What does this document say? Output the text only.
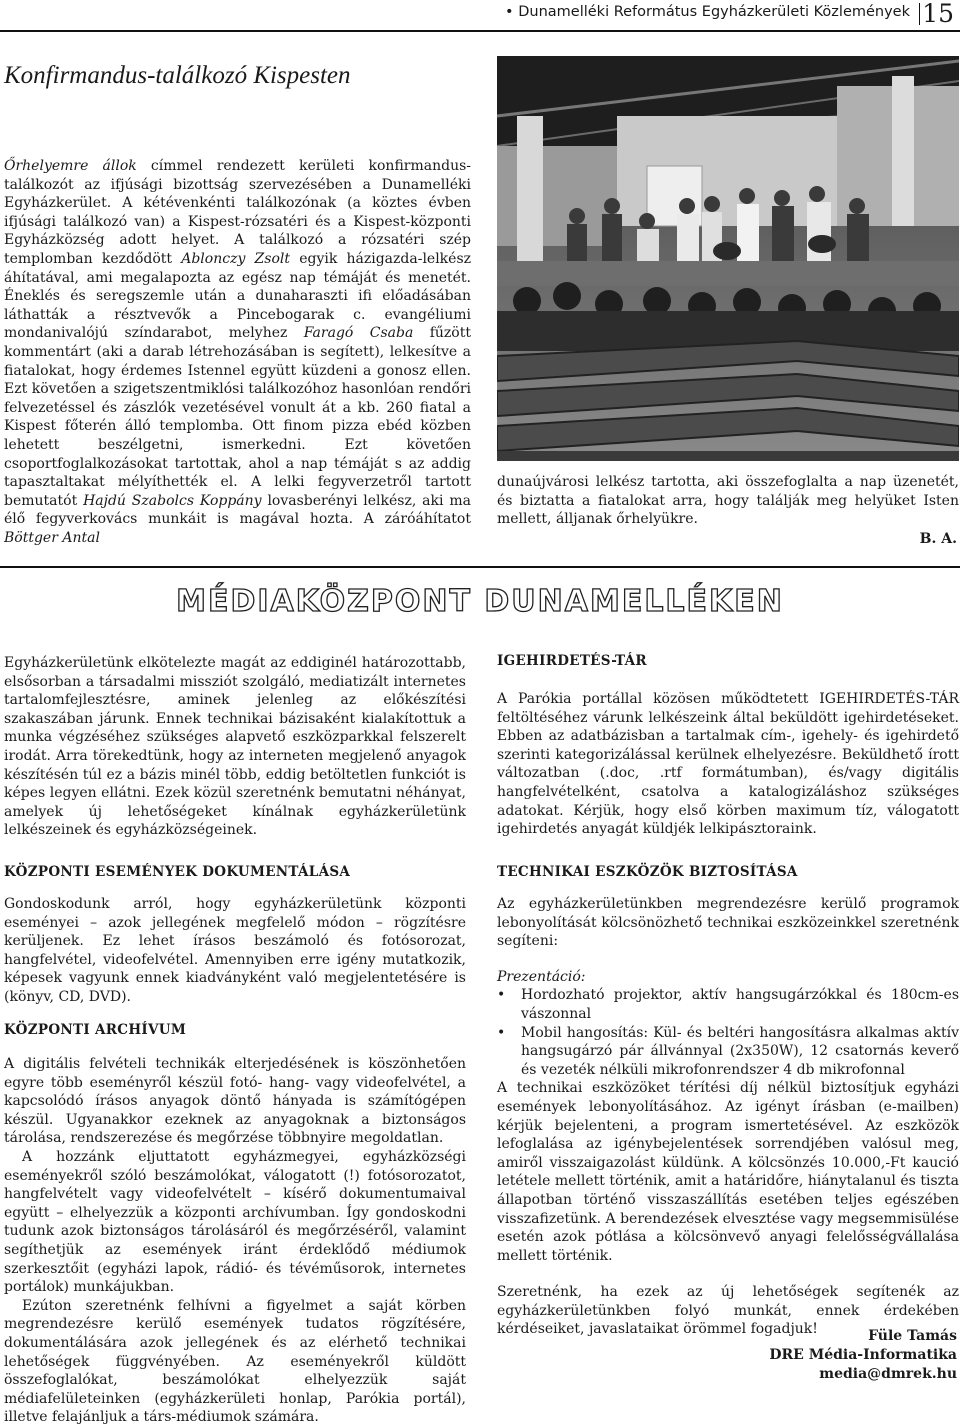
• Dunamelléki Református Egyházkerületi Közlemények 15
Konfirmandus-találkozó Kispesten

Őrhelyemre állok címmel rendezett kerületi konfirmandus-találkozót az ifjúsági bizottság szervezésében a Dunamelléki Egyházkerület. A kétévenkénti találkozónak (a köztes évben ifjúsági találkozó van) a Kispest-rózsatéri és a Kispest-központi Egyházközség adott helyet. A találkozó a rózsatéri szép templomban kezdődött Ablonczy Zsolt egyik házigazda-lelkész áhítatával, ami megalapozta az egész nap témáját és menetét. Éneklés és seregszemle után a dunaharaszti ifi előadásában láthatták a résztvevők a Pincebogarak c. evangéliumi mondanivalójú színdarabot, melyhez Faragó Csaba fűzött kommentárt (aki a darab létrehozásában is segített), lelkesítve a fiatalokat, hogy érdemes Istennel együtt küzdeni a gonosz ellen. Ezt követően a szigetszentmiklósi találkozóhoz hasonlóan rendőri felvezetéssel és zászlók vezetésével vonult át a kb. 260 fiatal a Kispest főterén álló templomba. Ott finom pizza ebéd közben lehetett beszélgetni, ismerkedni. Ezt követően csoportfoglalkozásokat tartottak, ahol a nap témáját s az addig tapasztaltakat mélyíthették el. A lelki fegyverzetről tartott bemutatót Hajdú Szabolcs Koppány lovasberényi lelkész, aki ma élő fegyverkovács munkáit is magával hozta. A záróáhítatot Böttger Antal

dunaújvárosi lelkész tartotta, aki összefoglalta a nap üzenetét, és biztatta a fiatalokat arra, hogy találják meg helyüket Isten mellett, álljanak őrhelyükre.

B. A.
MÉDIAKÖZPONT DUNAMELLÉKEN

Egyházkerületünk elkötelezte magát az eddiginél határozottabb, elsősorban a társadalmi missziót szolgáló, mediatizált internetes tartalomfejlesztésre, aminek jelenleg az előkészítési szakaszában járunk. Ennek technikai bázisaként kialakítottuk a munka végzéséhez szükséges alapvető eszközparkkal felszerelt irodát. Arra törekedtünk, hogy az interneten megjelenő anyagok készítésén túl ez a bázis minél több, eddig betöltetlen funkciót is képes legyen ellátni. Ezek közül szeretnénk bemutatni néhányat, amelyek új lehetőségeket kínálnak egyházkerületünk lelkészeinek és egyházközségeinek.

IGEHIRDETÉS-TÁR

A Parókia portállal közösen működtetett IGEHIRDETÉS-TÁR feltöltéséhez várunk lelkészeink által beküldött igehirdetéseket. Ebben az adatbázisban a tartalmak cím-, igehely- és igehirdető szerinti kategorizálással kerülnek elhelyezésre. Beküldhető írott változatban (.doc, .rtf formátumban), és/vagy digitális hangfelvételként, csatolva a katalogizáláshoz szükséges adatokat. Kérjük, hogy első körben maximum tíz, válogatott igehirdetés anyagát küldjék lelkipásztoraink.

KÖZPONTI ESEMÉNYEK DOKUMENTÁLÁSA

Gondoskodunk arról, hogy egyházkerületünk központi eseményei – azok jellegének megfelelő módon – rögzítésre kerüljenek. Ez lehet írásos beszámoló és fotósorozat, hangfelvétel, videofelvétel. Amennyiben erre igény mutatkozik, képesek vagyunk ennek kiadványként való megjelentetésére is (könyv, CD, DVD).

KÖZPONTI ARCHÍVUM

A digitális felvételi technikák elterjedésének is köszönhetően egyre több eseményről készül fotó- hang- vagy videofelvétel, a kapcsolódó írásos anyagok döntő hányada is számítógépen készül. Ugyanakkor ezeknek az anyagoknak a biztonságos tárolása, rendszerezése és megőrzése többnyire megoldatlan.

A hozzánk eljuttatott egyházmegyei, egyházközségi eseményekről szóló beszámolókat, válogatott (!) fotósorozatot, hangfelvételt vagy videofelvételt – kísérő dokumentumaival együtt – elhelyezzük a központi archívumban. Így gondoskodni tudunk azok biztonságos tárolásáról és megőrzéséről, valamint segíthetjük az események iránt érdeklődő médiumok szerkesztőit (egyházi lapok, rádió- és tévéműsorok, internetes portálok) munkájukban.

Ezúton szeretnénk felhívni a figyelmet a saját körben megrendezésre kerülő események tudatos rögzítésére, dokumentálására azok jellegének és az elérhető technikai lehetőségek függvényében. Az eseményekről küldött összefoglalókat, beszámolókat elhelyezzük saját médiafelületeinken (egyházkerületi honlap, Parókia portál), illetve felajánljuk a társ-médiumok számára.

TECHNIKAI ESZKÖZÖK BIZTOSÍTÁSA

Az egyházkerületünkben megrendezésre kerülő programok lebonyolítását kölcsönözhető technikai eszközeinkkel szeretnénk segíteni:

Prezentáció:

• Hordozható projektor, aktív hangsugárzókkal és 180cm-es vászonnal
• Mobil hangosítás: Kül- és beltéri hangosításra alkalmas aktív hangsugárzó pár állvánnyal (2x350W), 12 csatornás keverő és vezeték nélküli mikrofonrendszer 4 db mikrofonnal

A technikai eszközöket térítési díj nélkül biztosítjuk egyházi események lebonyolításához. Az igényt írásban (e-mailben) kérjük bejelenteni, a program ismertetésével. Az eszközök lefoglalása az igénybejelentések sorrendjében valósul meg, amiről visszaigazolást küldünk. A kölcsönzés 10.000,-Ft kaució letétele mellett történik, amit a határidőre, hiánytalanul és tiszta állapotban történő visszaszállítás esetében teljes egészében visszafizetünk. A berendezések elvesztése vagy megsemmisülése esetén azok pótlása a kölcsönvevő anyagi felelősségvállalása mellett történik.

Szeretnénk, ha ezek az új lehetőségek segítenék az egyházkerületünkben folyó munkát, ennek érdekében kérdéseiket, javaslataikat örömmel fogadjuk!	Füle Tamás
DRE Média-Informatika
media@dmrek.hu
